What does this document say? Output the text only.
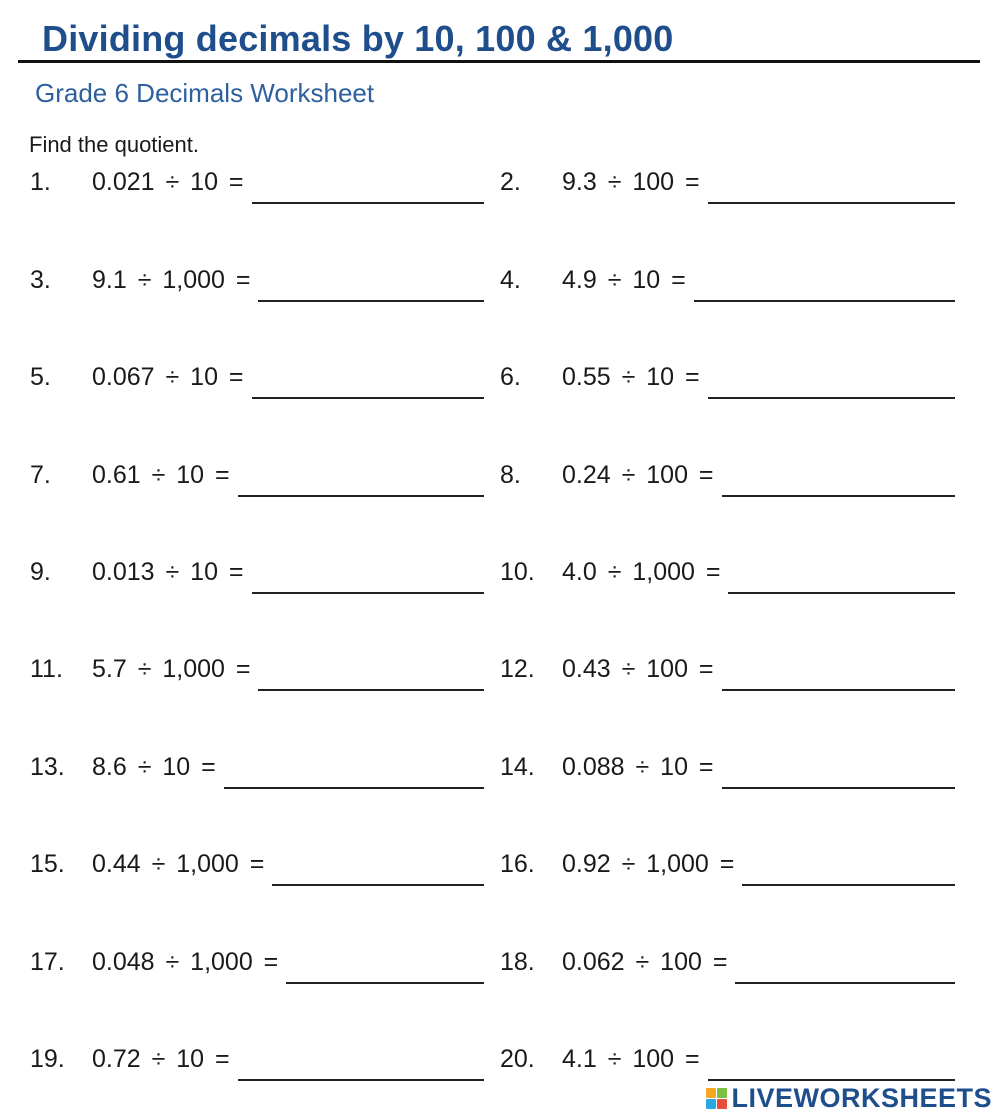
Dividing decimals by 10, 100 & 1,000
Grade 6 Decimals Worksheet
Find the quotient.
1.	0.021 ÷ 10 =	2.	9.3 ÷ 100 =
3.	9.1 ÷ 1,000 =	4.	4.9 ÷ 10 =
5.	0.067 ÷ 10 =	6.	0.55 ÷ 10 =
7.	0.61 ÷ 10 =	8.	0.24 ÷ 100 =
9.	0.013 ÷ 10 =	10.	4.0 ÷ 1,000 =
11.	5.7 ÷ 1,000 =	12.	0.43 ÷ 100 =
13.	8.6 ÷ 10 =	14.	0.088 ÷ 10 =
15.	0.44 ÷ 1,000 =	16.	0.92 ÷ 1,000 =
17.	0.048 ÷ 1,000 =	18.	0.062 ÷ 100 =
19.	0.72 ÷ 10 =	20.	4.1 ÷ 100 =
LIVEWORKSHEETS
